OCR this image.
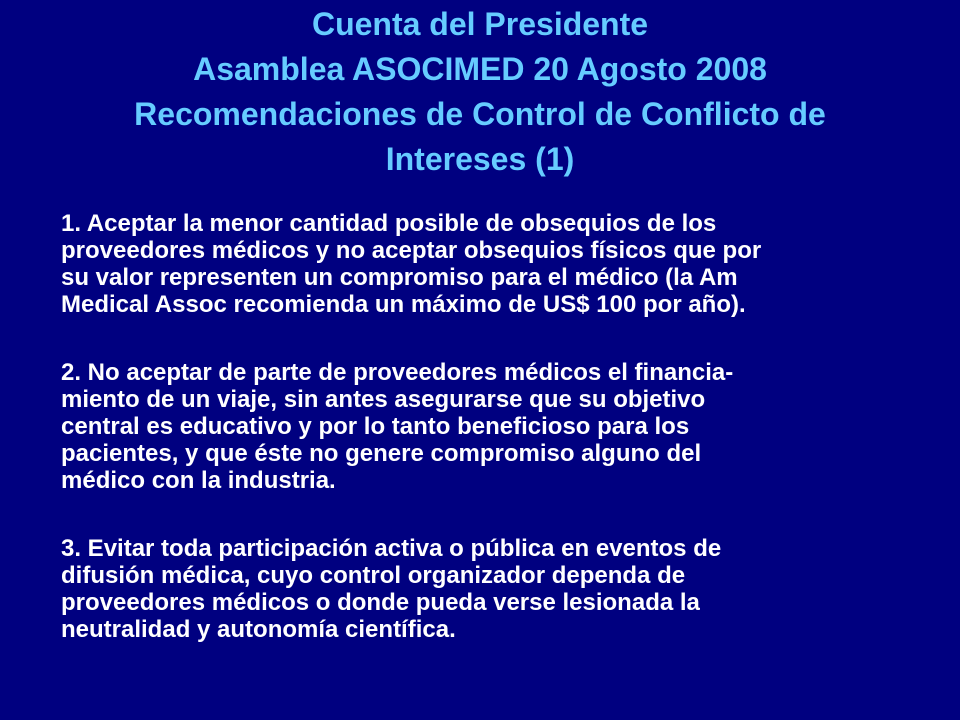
Cuenta del Presidente
Asamblea ASOCIMED 20 Agosto 2008
Recomendaciones de Control de Conflicto de
Intereses (1)

1. Aceptar la menor cantidad posible de obsequios de los
proveedores médicos y no aceptar obsequios físicos que por
su valor representen un compromiso para el médico (la Am
Medical Assoc recomienda un máximo de US$ 100 por año).

2. No aceptar de parte de proveedores médicos el financia-
miento de un viaje, sin antes asegurarse que su objetivo
central es educativo y por lo tanto beneficioso para los
pacientes, y que éste no genere compromiso alguno del
médico con la industria.

3. Evitar toda participación activa o pública en eventos de
difusión médica, cuyo control organizador dependa de
proveedores médicos o donde pueda verse lesionada la
neutralidad y autonomía científica.
